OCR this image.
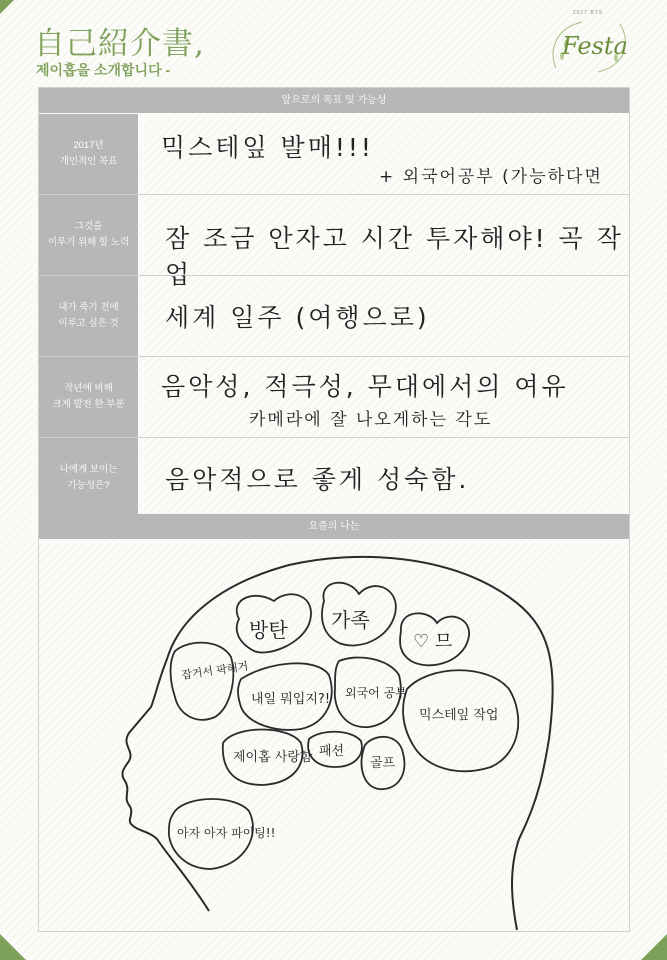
自己紹介書,
제이홉을 소개합니다 -
2017 BTS
Festa
앞으로의 목표 및 가능성
2017년
개인적인 목표 믹스테잎 발매!!!
+ 외국어공부 (가능하다면
그것을
이루기 위해 할 노력 잠 조금 안자고 시간 투자해야! 곡 작업
내가 죽기 전에
이루고 싶은 것 세계 일주 (여행으로)
작년에 비해
크게 발전 한 부분
음악성, 적극성, 무대에서의 여유
카메라에 잘 나오게하는 각도
나에게 보이는
가능성은?	음악적으로 좋게 성숙함.
요즘의 나는
방탄 가족
♡ 므
잡거서 팍해거
내일 뭐입지?! 외국어 공부
믹스테잎 작업
제이홉 사랑함 패션
골프
아자 아자 파이팅!!
